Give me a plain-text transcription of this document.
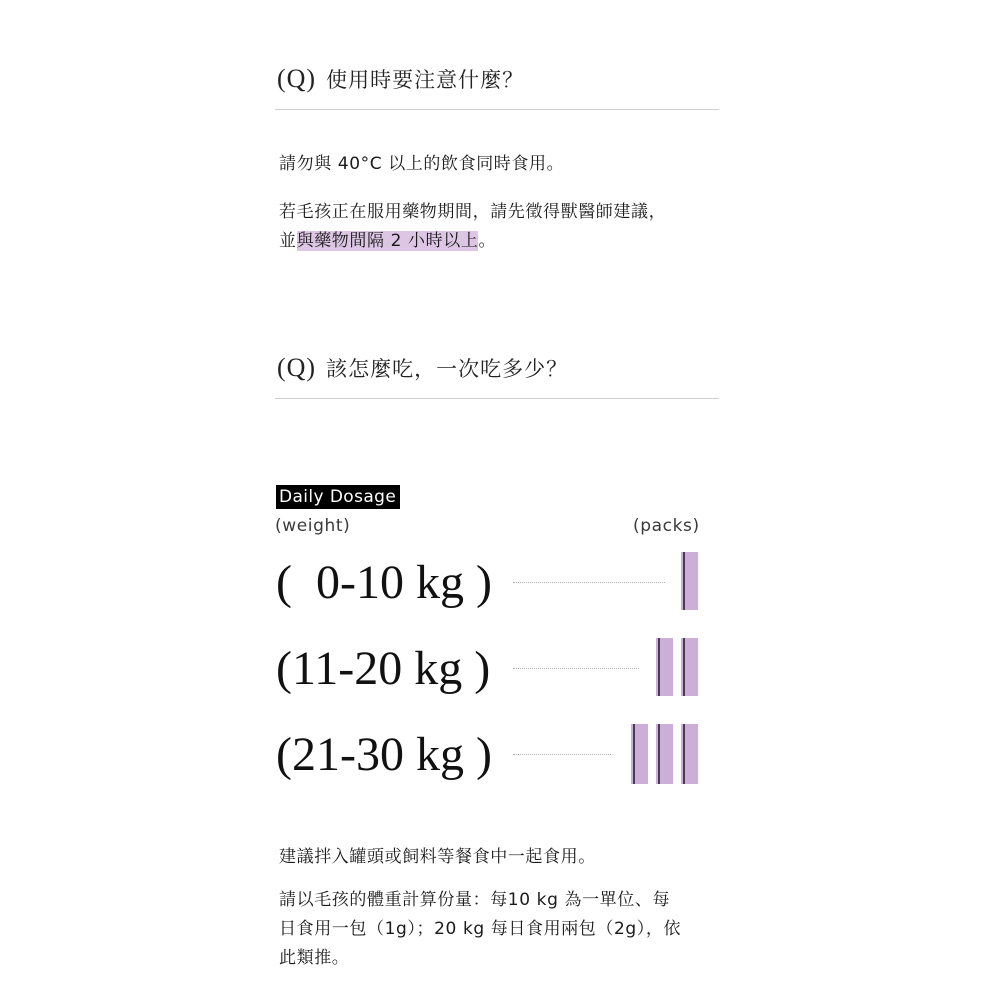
(Q) 使用時要注意什麼？
請勿與 40°C 以上的飲食同時食用。
若毛孩正在服用藥物期間，請先徵得獸醫師建議，
並與藥物間隔 2 小時以上。
(Q) 該怎麼吃，一次吃多少？
Daily Dosage
(weight)	(packs)
(  0-10 kg )
(11-20 kg )
(21-30 kg )
建議拌入罐頭或飼料等餐食中一起食用。
請以毛孩的體重計算份量：每10 kg 為一單位、每
日食用一包（1g）；20 kg 每日食用兩包（2g），依
此類推。
